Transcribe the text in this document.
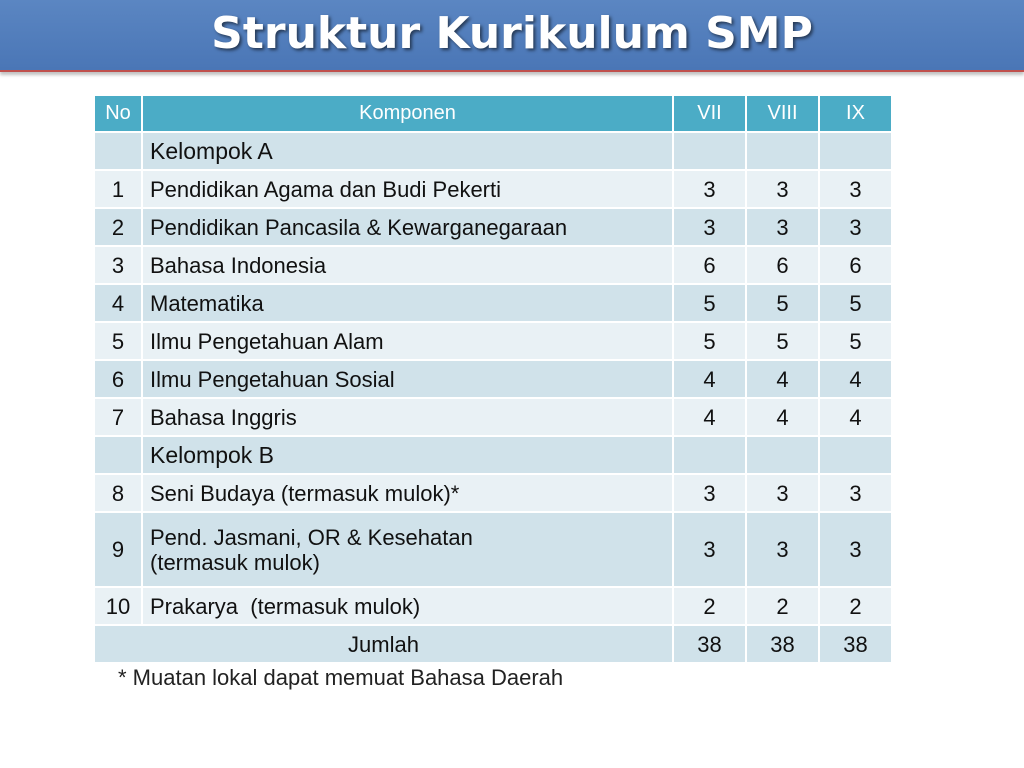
Struktur Kurikulum SMP
* Muatan lokal dapat memuat Bahasa Daerah
No	Komponen	VII	VIII	IX
	Kelompok A			
1	Pendidikan Agama dan Budi Pekerti	3	3	3
2	Pendidikan Pancasila & Kewarganegaraan	3	3	3
3	Bahasa Indonesia	6	6	6
4	Matematika	5	5	5
5	Ilmu Pengetahuan Alam	5	5	5
6	Ilmu Pengetahuan Sosial	4	4	4
7	Bahasa Inggris	4	4	4
	Kelompok B			
8	Seni Budaya (termasuk mulok)*	3	3	3
9	Pend. Jasmani, OR & Kesehatan
(termasuk mulok)	3	3	3
10	Prakarya  (termasuk mulok)	2	2	2
Jumlah		38	38	38
